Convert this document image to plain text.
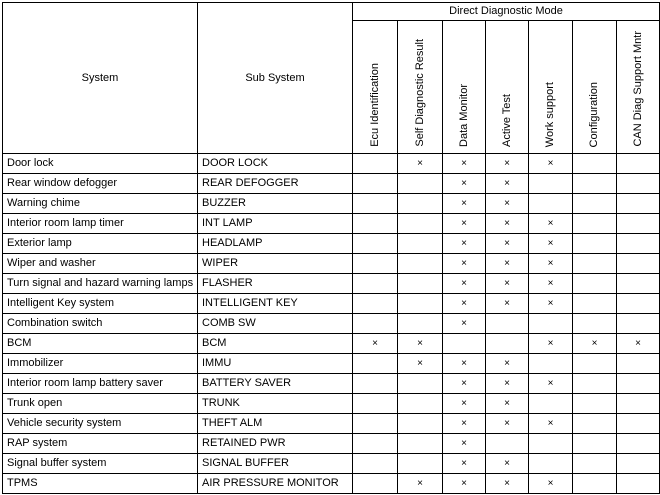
System	Sub System	Direct Diagnostic Mode						

		Ecu Identification	Self Diagnostic Result	Data Monitor	Active Test	Work support	Configuration	CAN Diag Support Mntr

Door lock	DOOR LOCK		×	×	×	×		
Rear window defogger	REAR DEFOGGER			×	×			
Warning chime	BUZZER			×	×			
Interior room lamp timer	INT LAMP			×	×	×		
Exterior lamp	HEADLAMP			×	×	×		
Wiper and washer	WIPER			×	×	×		
Turn signal and hazard warning lamps	FLASHER			×	×	×		
Intelligent Key system	INTELLIGENT KEY			×	×	×		
Combination switch	COMB SW			×				
BCM	BCM	×	×			×	×	×
Immobilizer	IMMU		×	×	×			
Interior room lamp battery saver	BATTERY SAVER			×	×	×		
Trunk open	TRUNK			×	×			
Vehicle security system	THEFT ALM			×	×	×		
RAP system	RETAINED PWR			×				
Signal buffer system	SIGNAL BUFFER			×	×			
TPMS	AIR PRESSURE MONITOR		×	×	×	×		
